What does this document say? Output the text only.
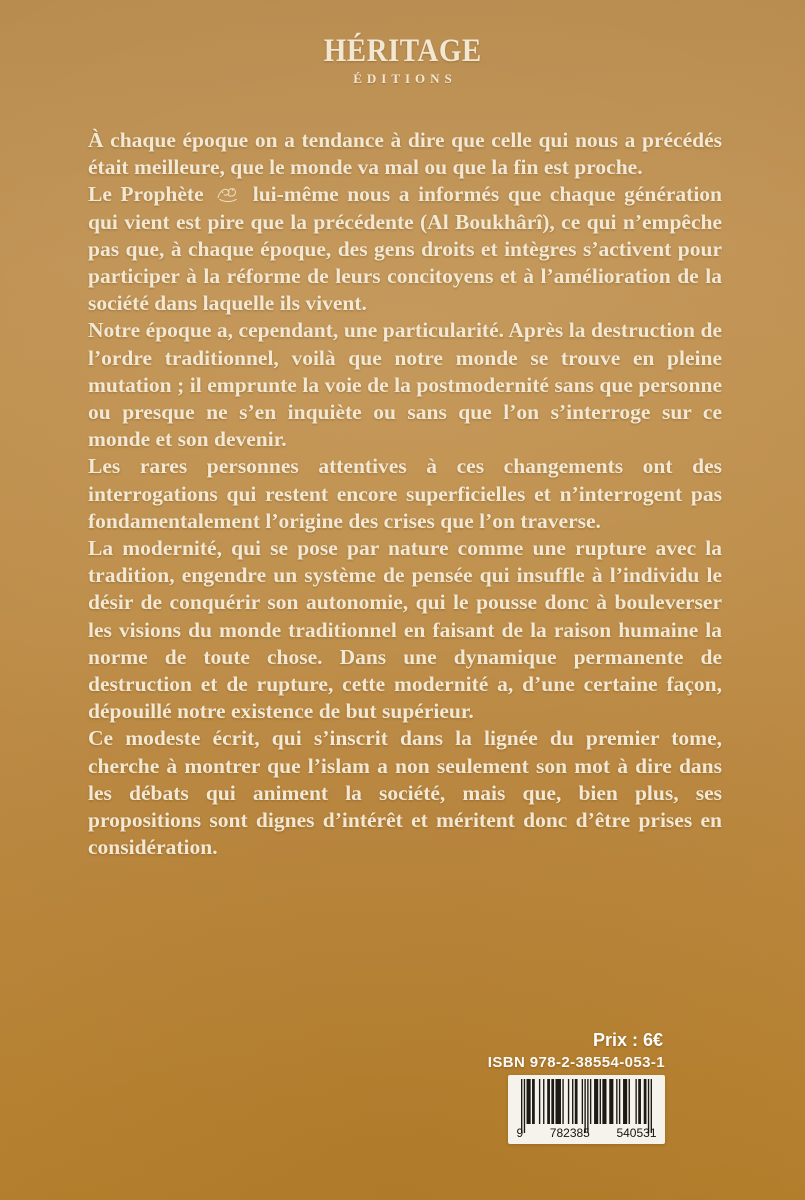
HÉRITAGE
ÉDITIONS

À chaque époque on a tendance à dire que celle qui nous a précédés était meilleure, que le monde va mal ou que la fin est proche.

Le Prophète lui-même nous a informés que chaque génération qui vient est pire que la précédente (Al Boukhârî), ce qui n’empêche pas que, à chaque époque, des gens droits et intègres s’activent pour participer à la réforme de leurs concitoyens et à l’amélioration de la société dans laquelle ils vivent.

Notre époque a, cependant, une particularité. Après la destruction de l’ordre traditionnel, voilà que notre monde se trouve en pleine mutation ; il emprunte la voie de la postmodernité sans que personne ou presque ne s’en inquiète ou sans que l’on s’interroge sur ce monde et son devenir.

Les rares personnes attentives à ces changements ont des interrogations qui restent encore superficielles et n’interrogent pas fondamentalement l’origine des crises que l’on traverse.

La modernité, qui se pose par nature comme une rupture avec la tradition, engendre un système de pensée qui insuffle à l’individu le désir de conquérir son autonomie, qui le pousse donc à bouleverser les visions du monde traditionnel en faisant de la raison humaine la norme de toute chose. Dans une dynamique permanente de destruction et de rupture, cette modernité a, d’une certaine façon, dépouillé notre existence de but supérieur.

Ce modeste écrit, qui s’inscrit dans la lignée du premier tome, cherche à montrer que l’islam a non seulement son mot à dire dans les débats qui animent la société, mais que, bien plus, ses propositions sont dignes d’intérêt et méritent donc d’être prises en considération.

Prix : 6€
ISBN 978-2-38554-053-1
9 782385 540531
